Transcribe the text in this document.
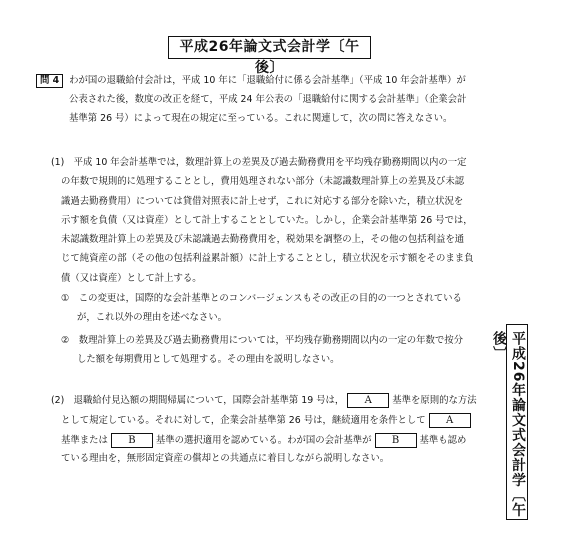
平成26年論文式会計学〔午後〕
問 4 わが国の退職給付会計は，平成 10 年に「退職給付に係る会計基準」（平成 10 年会計基準）が
公表された後，数度の改正を経て，平成 24 年公表の「退職給付に関する会計基準」（企業会計
基準第 26 号）によって現在の規定に至っている。これに関連して，次の問に答えなさい。
(1)　平成 10 年会計基準では，数理計算上の差異及び過去勤務費用を平均残存勤務期間以内の一定
の年数で規則的に処理することとし，費用処理されない部分（未認識数理計算上の差異及び未認
識過去勤務費用）については貸借対照表に計上せず，これに対応する部分を除いた，積立状況を
示す額を負債（又は資産）として計上することとしていた。しかし，企業会計基準第 26 号では，
未認識数理計算上の差異及び未認識過去勤務費用を，税効果を調整の上，その他の包括利益を通
じて純資産の部（その他の包括利益累計額）に計上することとし，積立状況を示す額をそのまま負
債（又は資産）として計上する。
①　この変更は，国際的な会計基準とのコンバージェンスもその改正の目的の一つとされている
が，これ以外の理由を述べなさい。
②　数理計算上の差異及び過去勤務費用については，平均残存勤務期間以内の一定の年数で按分
した額を毎期費用として処理する。その理由を説明しなさい。
(2)　退職給付見込額の期間帰属について，国際会計基準第 19 号は， A 基準を原則的な方法
として規定している。それに対して，企業会計基準第 26 号は，継続適用を条件として A
基準または B 基準の選択適用を認めている。わが国の会計基準が B 基準も認め
ている理由を，無形固定資産の償却との共通点に着目しながら説明しなさい。	平成26年論文式会計学〔午後〕
